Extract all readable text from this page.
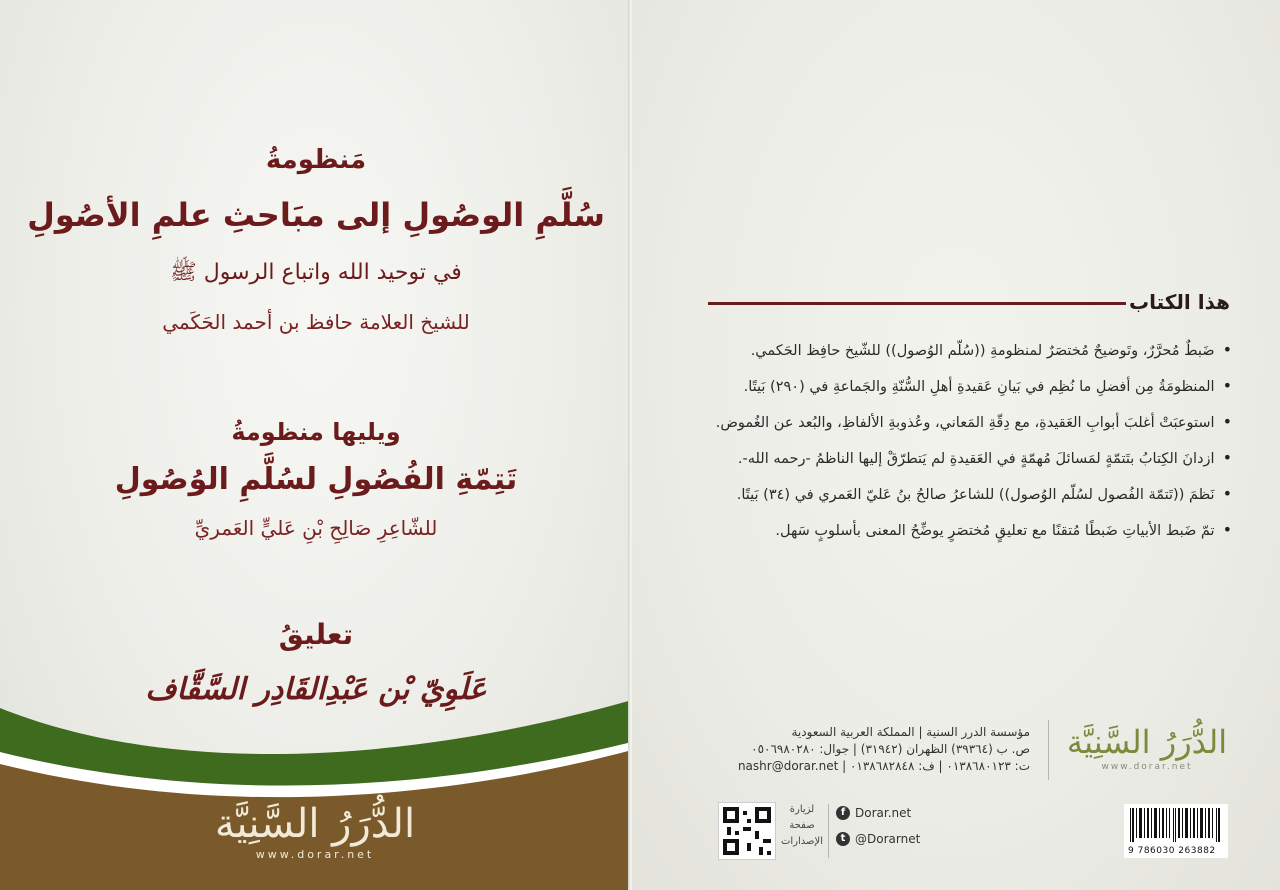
مَنظومةُ
سُلَّمِ الوصُولِ إلى مبَاحثِ علمِ الأصُولِ
في توحيد الله واتباع الرسول ﷺ
للشيخ العلامة حافظ بن أحمد الحَكَمي
ويليها منظومةُ
تَتِمّةِ الفُصُولِ لسُلَّمِ الوُصُولِ
للشّاعِرِ صَالِحِ بْنِ عَليٍّ العَمريِّ
تعليقُ
عَلَوِيّ بْن عَبْدِالقَادِر السَّقَّاف
الدُّرَرُ السَّنِيَّة
www.dorar.net
هذا الكتاب
•ضَبطٌ مُحرَّرٌ، وتَوضيحٌ مُختصَرٌ لمنظومةِ ((سُلّم الوُصول)) للشّيخ حافِظ الحَكمي.
•المنظومَةُ مِن أفضلِ ما نُظِم في بَيانِ عَقيدةِ أهلِ السُّنّةِ والجَماعةِ في (٢٩٠) بَيتًا.
•استوعبَتْ أغلبَ أبوابِ العَقيدةِ، مع دِقّةِ المَعاني، وعُذوبةِ الألفاظِ، والبُعد عن الغُموض.
•ازدانَ الكِتابُ بتَتمّةٍ لمَسائلَ مُهمّةٍ في العَقيدةِ لم يَتطرّقْ إليها الناظمُ -رحمه الله-.
•نَظمَ ((تَتمّة الفُصول لسُلّم الوُصول)) للشاعرُ صالحُ بنُ عَليّ العَمري في (٣٤) بَيتًا.
•تمّ ضَبط الأبياتِ ضَبطًا مُتقنًا مع تعليقٍ مُختصَرٍ يوضِّحُ المعنى بأسلوبٍ سَهل.
مؤسسة الدرر السنية | المملكة العربية السعودية
ص. ب (٣٩٣٦٤) الظهران (٣١٩٤٢) | جوال: ٠٥٠٦٩٨٠٢٨٠
ت: ٠١٣٨٦٨٠١٢٣ | ف: ٠١٣٨٦٨٢٨٤٨ | nashr@dorar.net
الدُّرَرُ السَّنِيَّة
www.dorar.net
لزيارة
صفحة
الإصدارات
f Dorar.net
t @Dorarnet
9 786030 263882
